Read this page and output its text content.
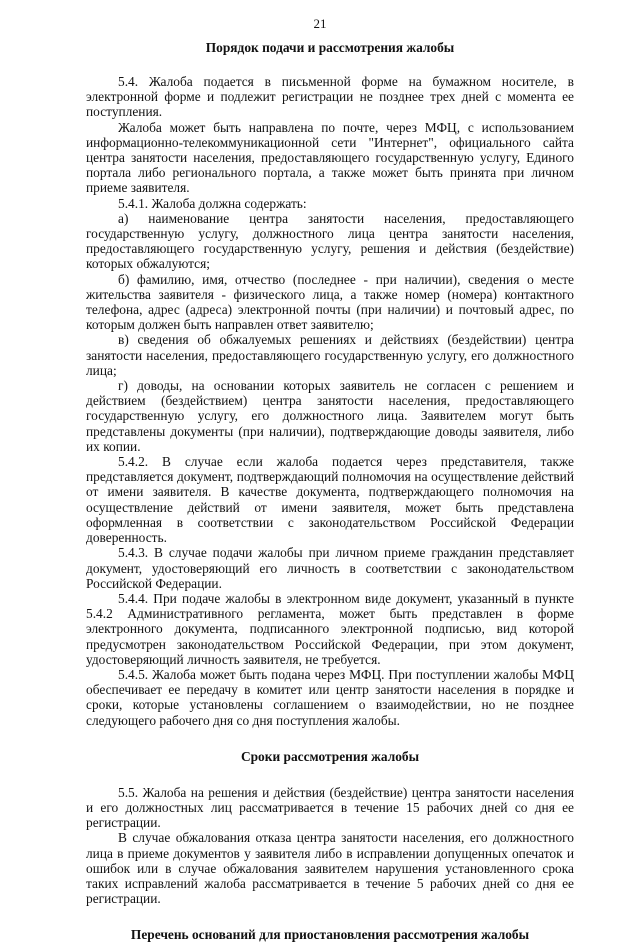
21
Порядок подачи и рассмотрения жалобы

5.4. Жалоба подается в письменной форме на бумажном носителе, в электронной форме и подлежит регистрации не позднее трех дней с момента ее поступления.

Жалоба может быть направлена по почте, через МФЦ, с использованием информационно-телекоммуникационной сети "Интернет", официального сайта центра занятости населения, предоставляющего государственную услугу, Единого портала либо регионального портала, а также может быть принята при личном приеме заявителя.

5.4.1. Жалоба должна содержать:

а) наименование центра занятости населения, предоставляющего государственную услугу, должностного лица центра занятости населения, предоставляющего государственную услугу, решения и действия (бездействие) которых обжалуются;

б) фамилию, имя, отчество (последнее - при наличии), сведения о месте жительства заявителя - физического лица, а также номер (номера) контактного телефона, адрес (адреса) электронной почты (при наличии) и почтовый адрес, по которым должен быть направлен ответ заявителю;

в) сведения об обжалуемых решениях и действиях (бездействии) центра занятости населения, предоставляющего государственную услугу, его должностного лица;

г) доводы, на основании которых заявитель не согласен с решением и действием (бездействием) центра занятости населения, предоставляющего государственную услугу, его должностного лица. Заявителем могут быть представлены документы (при наличии), подтверждающие доводы заявителя, либо их копии.

5.4.2. В случае если жалоба подается через представителя, также представляется документ, подтверждающий полномочия на осуществление действий от имени заявителя. В качестве документа, подтверждающего полномочия на осуществление действий от имени заявителя, может быть представлена оформленная в соответствии с законодательством Российской Федерации доверенность.

5.4.3. В случае подачи жалобы при личном приеме гражданин представляет документ, удостоверяющий его личность в соответствии с законодательством Российской Федерации.

5.4.4. При подаче жалобы в электронном виде документ, указанный в пункте 5.4.2 Административного регламента, может быть представлен в форме электронного документа, подписанного электронной подписью, вид которой предусмотрен законодательством Российской Федерации, при этом документ, удостоверяющий личность заявителя, не требуется.

5.4.5. Жалоба может быть подана через МФЦ. При поступлении жалобы МФЦ обеспечивает ее передачу в комитет или центр занятости населения в порядке и сроки, которые установлены соглашением о взаимодействии, но не позднее следующего рабочего дня со дня поступления жалобы.

Сроки рассмотрения жалобы

5.5. Жалоба на решения и действия (бездействие) центра занятости населения и его должностных лиц рассматривается в течение 15 рабочих дней со дня ее регистрации.

В случае обжалования отказа центра занятости населения, его должностного лица в приеме документов у заявителя либо в исправлении допущенных опечаток и ошибок или в случае обжалования заявителем нарушения установленного срока таких исправлений жалоба рассматривается в течение 5 рабочих дней со дня ее регистрации.

Перечень оснований для приостановления рассмотрения жалобы
